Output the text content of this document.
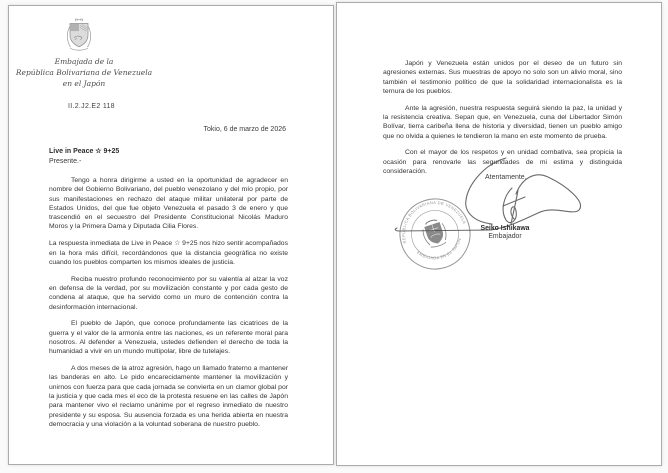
Embajada de la
República Bolivariana de Venezuela
en el Japón
II.2.J2.E2 118
Tokio, 6 de marzo de 2026
Live in Peace ☆ 9+25
Presente.-

Tengo a honra dirigirme a usted en la oportunidad de agradecer en nombre del Gobierno Bolivariano, del pueblo venezolano y del mío propio, por sus manifestaciones en rechazo del ataque militar unilateral por parte de Estados Unidos, del que fue objeto Venezuela el pasado 3 de enero y que trascendió en el secuestro del Presidente Constitucional Nicolás Maduro Moros y la Primera Dama y Diputada Cilia Flores.

La respuesta inmediata de Live in Peace ☆ 9+25 nos hizo sentir acompañados en la hora más difícil, recordándonos que la distancia geográfica no existe cuando los pueblos comparten los mismos ideales de justicia.

Reciba nuestro profundo reconocimiento por su valentía al alzar la voz en defensa de la verdad, por su movilización constante y por cada gesto de condena al ataque, que ha servido como un muro de contención contra la desinformación internacional.

El pueblo de Japón, que conoce profundamente las cicatrices de la guerra y el valor de la armonía entre las naciones, es un referente moral para nosotros. Al defender a Venezuela, ustedes defienden el derecho de toda la humanidad a vivir en un mundo multipolar, libre de tutelajes.

A dos meses de la atroz agresión, hago un llamado fraterno a mantener las banderas en alto. Le pido encarecidamente mantener la movilización y unirnos con fuerza para que cada jornada se convierta en un clamor global por la justicia y que cada mes el eco de la protesta resuene en las calles de Japón para mantener vivo el reclamo unánime por el regreso inmediato de nuestro presidente y su esposa. Su ausencia forzada es una herida abierta en nuestra democracia y una violación a la voluntad soberana de nuestro pueblo.

Japón y Venezuela están unidos por el deseo de un futuro sin agresiones externas. Sus muestras de apoyo no solo son un alivio moral, sino también el testimonio político de que la solidaridad internacionalista es la ternura de los pueblos.

Ante la agresión, nuestra respuesta seguirá siendo la paz, la unidad y la resistencia creativa. Sepan que, en Venezuela, cuna del Libertador Simón Bolívar, tierra caribeña llena de historia y diversidad, tienen un pueblo amigo que no olvida a quienes le tendieron la mano en este momento de prueba.

Con el mayor de los respetos y en unidad combativa, sea propicia la ocasión para renovarle las seguridades de mi estima y distinguida consideración.

Atentamente,
REPÚBLICA BOLIVARIANA DE VENEZUELA
EMBAJADA EN EL JAPÓN
Seiko Ishikawa
Embajador
